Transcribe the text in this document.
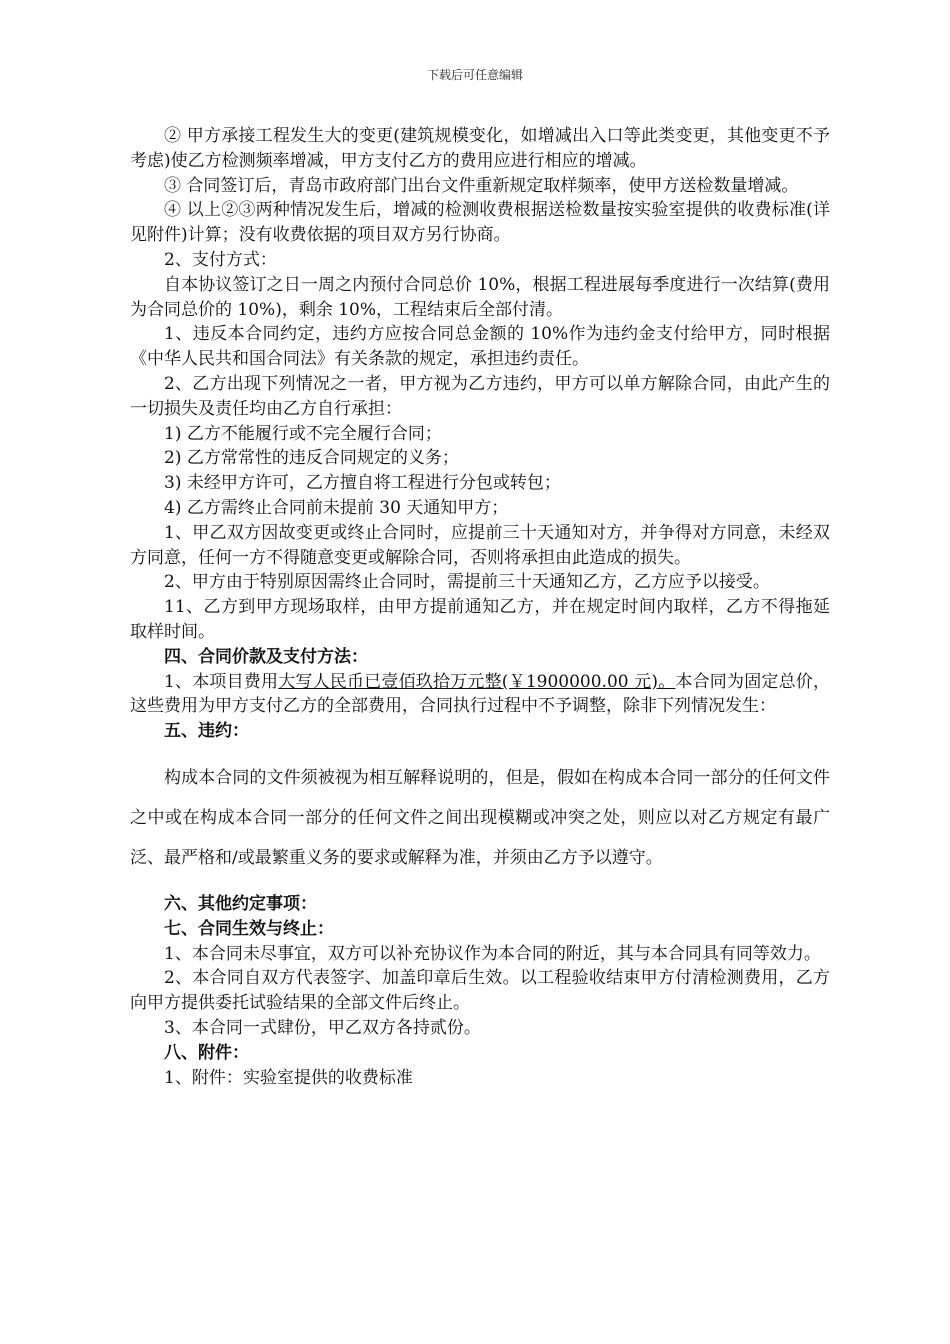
下载后可任意编辑

② 甲方承接工程发生大的变更(建筑规模变化，如增减出入口等此类变更，其他变更不予考虑)使乙方检测频率增减，甲方支付乙方的费用应进行相应的增减。

③ 合同签订后，青岛市政府部门出台文件重新规定取样频率，使甲方送检数量增减。

④ 以上②③两种情况发生后，增减的检测收费根据送检数量按实验室提供的收费标准(详见附件)计算；没有收费依据的项目双方另行协商。

2、支付方式：

自本协议签订之日一周之内预付合同总价 10%，根据工程进展每季度进行一次结算(费用为合同总价的 10%)，剩余 10%，工程结束后全部付清。

1、违反本合同约定，违约方应按合同总金额的 10%作为违约金支付给甲方，同时根据《中华人民共和国合同法》有关条款的规定，承担违约责任。

2、乙方出现下列情况之一者，甲方视为乙方违约，甲方可以单方解除合同，由此产生的一切损失及责任均由乙方自行承担：

1) 乙方不能履行或不完全履行合同；

2) 乙方常常性的违反合同规定的义务；

3) 未经甲方许可，乙方擅自将工程进行分包或转包；

4) 乙方需终止合同前未提前 30 天通知甲方；

1、甲乙双方因故变更或终止合同时，应提前三十天通知对方，并争得对方同意，未经双方同意，任何一方不得随意变更或解除合同，否则将承担由此造成的损失。

2、甲方由于特别原因需终止合同时，需提前三十天通知乙方，乙方应予以接受。

11、乙方到甲方现场取样，由甲方提前通知乙方，并在规定时间内取样，乙方不得拖延取样时间。

四、合同价款及支付方法：

1、本项目费用大写人民币已壹佰玖拾万元整(￥1900000.00 元)。本合同为固定总价，这些费用为甲方支付乙方的全部费用，合同执行过程中不予调整，除非下列情况发生：

五、违约：

构成本合同的文件须被视为相互解释说明的，但是，假如在构成本合同一部分的任何文件之中或在构成本合同一部分的任何文件之间出现模糊或冲突之处，则应以对乙方规定有最广泛、最严格和/或最繁重义务的要求或解释为准，并须由乙方予以遵守。

六、其他约定事项：

七、合同生效与终止：

1、本合同未尽事宜，双方可以补充协议作为本合同的附近，其与本合同具有同等效力。

2、本合同自双方代表签字、加盖印章后生效。以工程验收结束甲方付清检测费用，乙方向甲方提供委托试验结果的全部文件后终止。

3、本合同一式肆份，甲乙双方各持贰份。

八、附件：

1、附件：实验室提供的收费标准
